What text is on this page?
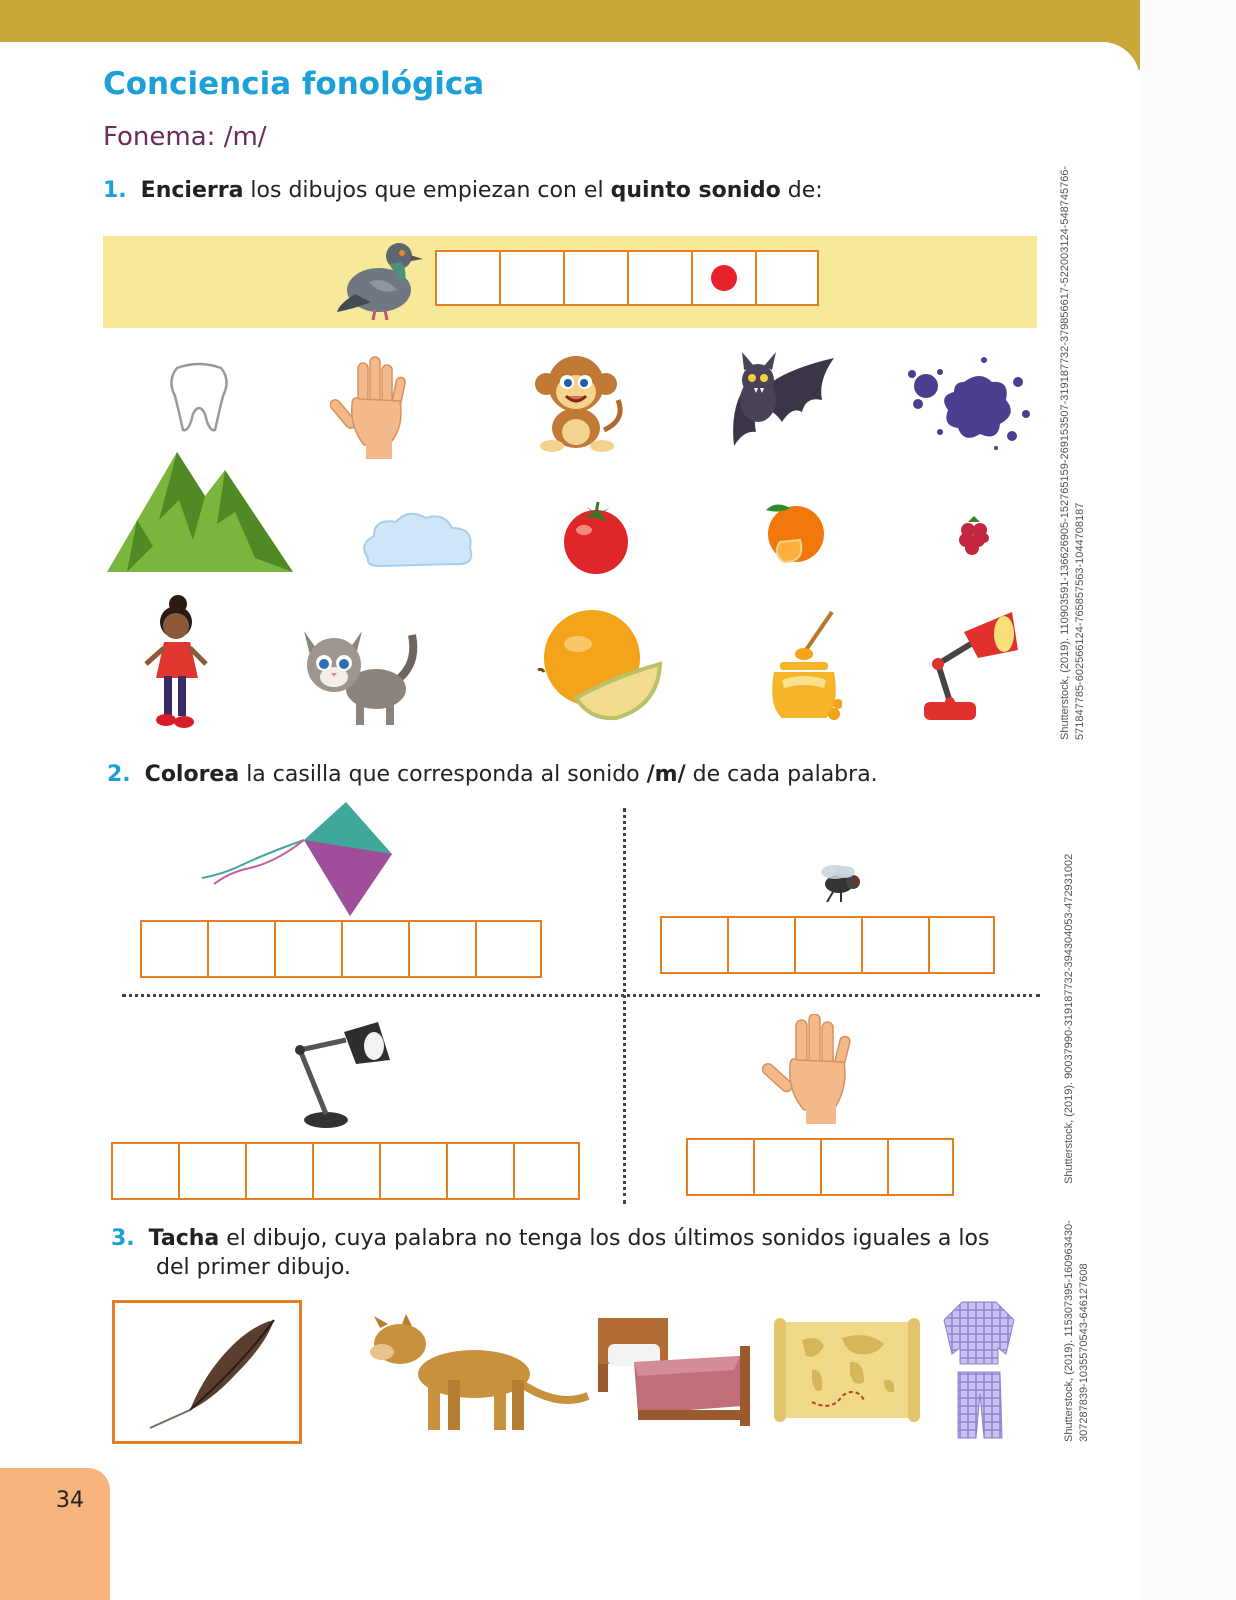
Conciencia fonológica
Fonema: /m/
1. Encierra los dibujos que empiezan con el quinto sonido de:
2. Colorea la casilla que corresponda al sonido /m/ de cada palabra.
3. Tacha el dibujo, cuya palabra no tenga los dos últimos sonidos iguales a los
del primer dibujo.
Shutterstock, (2019). 110903591-136626905-152765159-269153507-319187732-379856617-522003124-548745766- 571847785-602566124-765857563-1044708187
Shutterstock, (2019). 90037990-319187732-394304053-472931002
Shutterstock, (2019). 115307395-160963430- 307287839-1035570543-646127608
34
